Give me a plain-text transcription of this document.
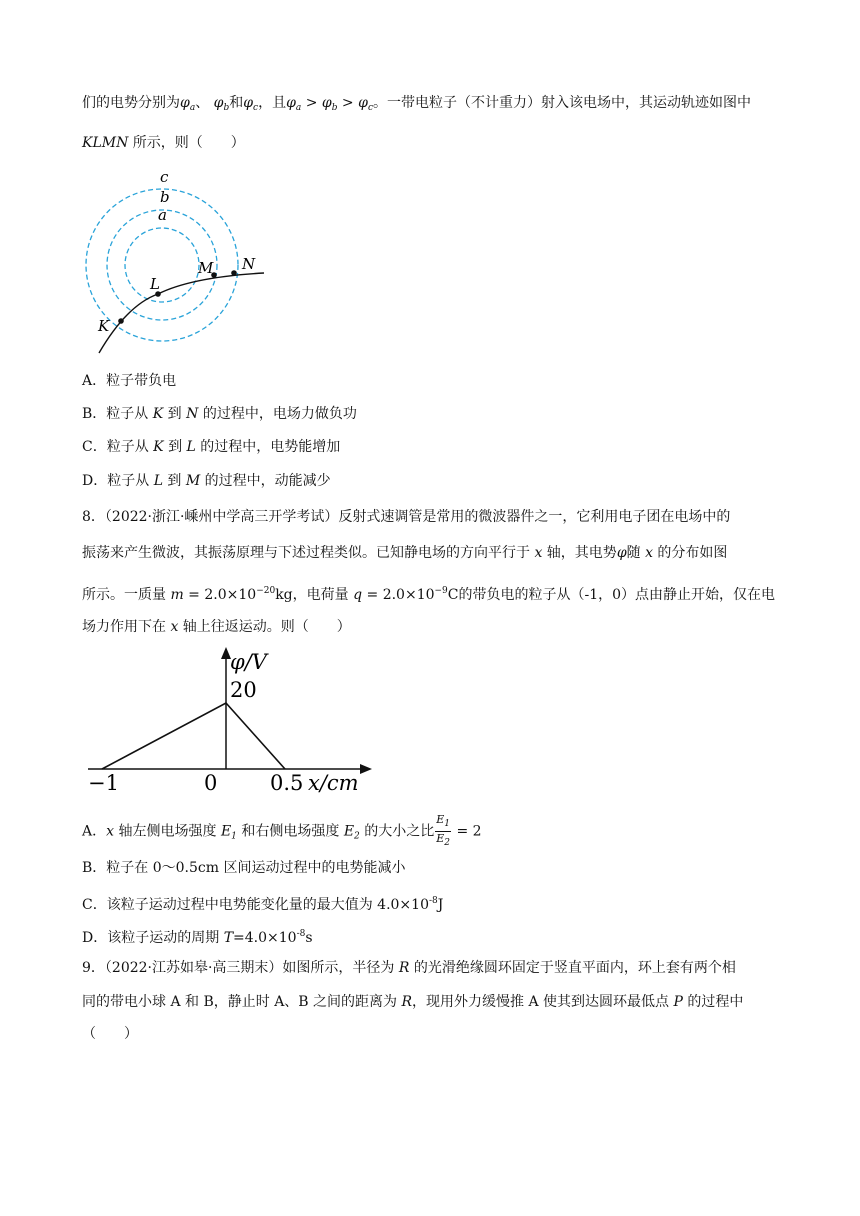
们的电势分别为$\varphi_a$、 $\varphi_b$和$\varphi_c$，且$\varphi_a > \varphi_b > \varphi_c$。一带电粒子（不计重力）射入该电场中，其运动轨迹如图中
KLMN 所示，则（　　）
c
b
a
K
L
M N
A．粒子带负电
B．粒子从 K 到 N 的过程中，电场力做负功
C．粒子从 K 到 L 的过程中，电势能增加
D．粒子从 L 到 M 的过程中，动能减少
8．（2022·浙江·嵊州中学高三开学考试）反射式速调管是常用的微波器件之一，它利用电子团在电场中的
振荡来产生微波，其振荡原理与下述过程类似。已知静电场的方向平行于 x 轴，其电势φ随 x 的分布如图
所示。一质量 $m = 2.0\times 10^{-20}kg$，电荷量 $q = 2.0\times 10^{-9}C$的带负电的粒子从（-1，0）点由静止开始，仅在电
场力作用下在 x 轴上往返运动。则（　　）
φ/V
20
−1	0	0.5 x/cm
A．x 轴左侧电场强度 $E_1$ 和右侧电场强度 $E_2$ 的大小之比 $\frac{E_1}{E_2} = 2$
B．粒子在 0～0.5cm 区间运动过程中的电势能减小
C．该粒子运动过程中电势能变化量的最大值为 $4.0\times 10^{-8}J$
D．该粒子运动的周期 $T=4.0\times 10^{-8}s$
9．（2022·江苏如皋·高三期末）如图所示，半径为 R 的光滑绝缘圆环固定于竖直平面内，环上套有两个相
同的带电小球 A 和 B，静止时 A、B 之间的距离为 R，现用外力缓慢推 A 使其到达圆环最低点 P 的过程中
（　　）
